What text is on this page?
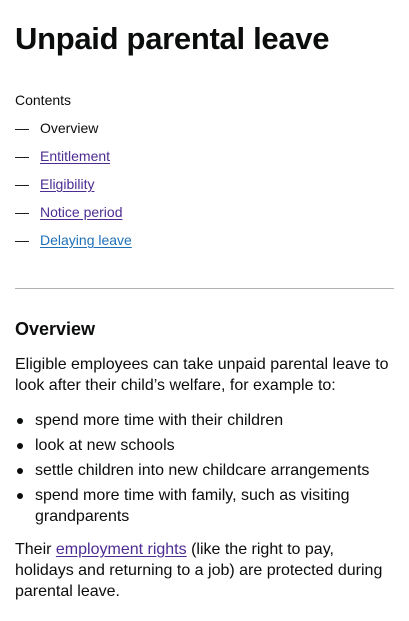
Unpaid parental leave
Contents
— Overview
— Entitlement
— Eligibility
— Notice period
— Delaying leave
Overview

Eligible employees can take unpaid parental leave to look after their child’s welfare, for example to:

spend more time with their children
look at new schools
settle children into new childcare arrangements
spend more time with family, such as visiting grandparents

Their employment rights (like the right to pay, holidays and returning to a job) are protected during parental leave.
